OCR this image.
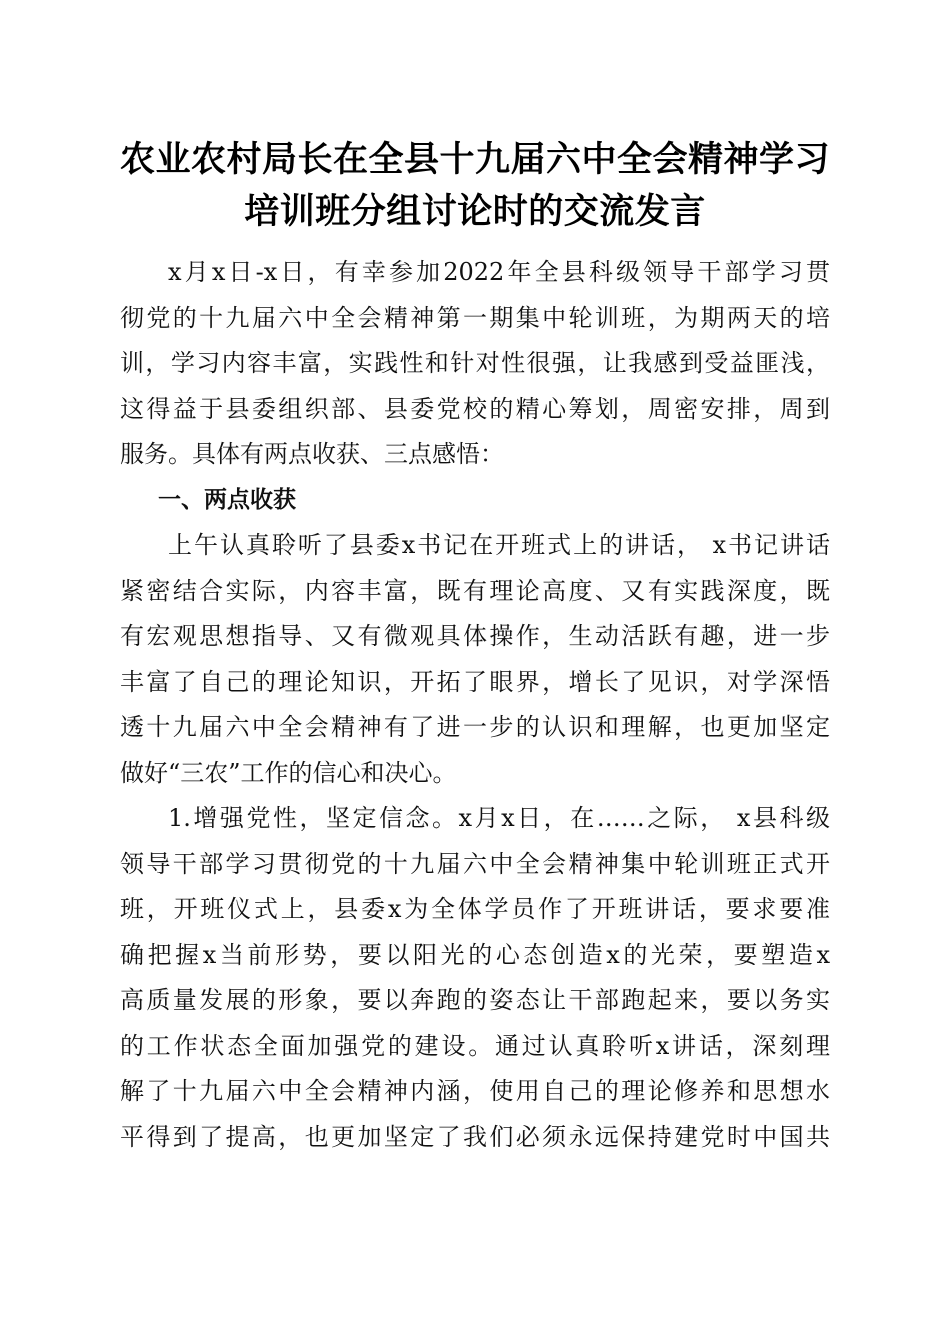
农业农村局长在全县十九届六中全会精神学习
培训班分组讨论时的交流发言
x月x日-x日，有幸参加2022年全县科级领导干部学习贯
彻党的十九届六中全会精神第一期集中轮训班，为期两天的培
训，学习内容丰富，实践性和针对性很强，让我感到受益匪浅，
这得益于县委组织部、县委党校的精心筹划，周密安排，周到
服务。具体有两点收获、三点感悟：
一、两点收获
上午认真聆听了县委x书记在开班式上的讲话， x书记讲话
紧密结合实际，内容丰富，既有理论高度、又有实践深度，既
有宏观思想指导、又有微观具体操作，生动活跃有趣，进一步
丰富了自己的理论知识，开拓了眼界，增长了见识，对学深悟
透十九届六中全会精神有了进一步的认识和理解，也更加坚定
做好“三农”工作的信心和决心。
1.增强党性，坚定信念。x月x日，在……之际， x县科级
领导干部学习贯彻党的十九届六中全会精神集中轮训班正式开
班，开班仪式上，县委x为全体学员作了开班讲话，要求要准
确把握x当前形势，要以阳光的心态创造x的光荣，要塑造x
高质量发展的形象，要以奔跑的姿态让干部跑起来，要以务实
的工作状态全面加强党的建设。通过认真聆听x讲话，深刻理
解了十九届六中全会精神内涵，使用自己的理论修养和思想水
平得到了提高，也更加坚定了我们必须永远保持建党时中国共
